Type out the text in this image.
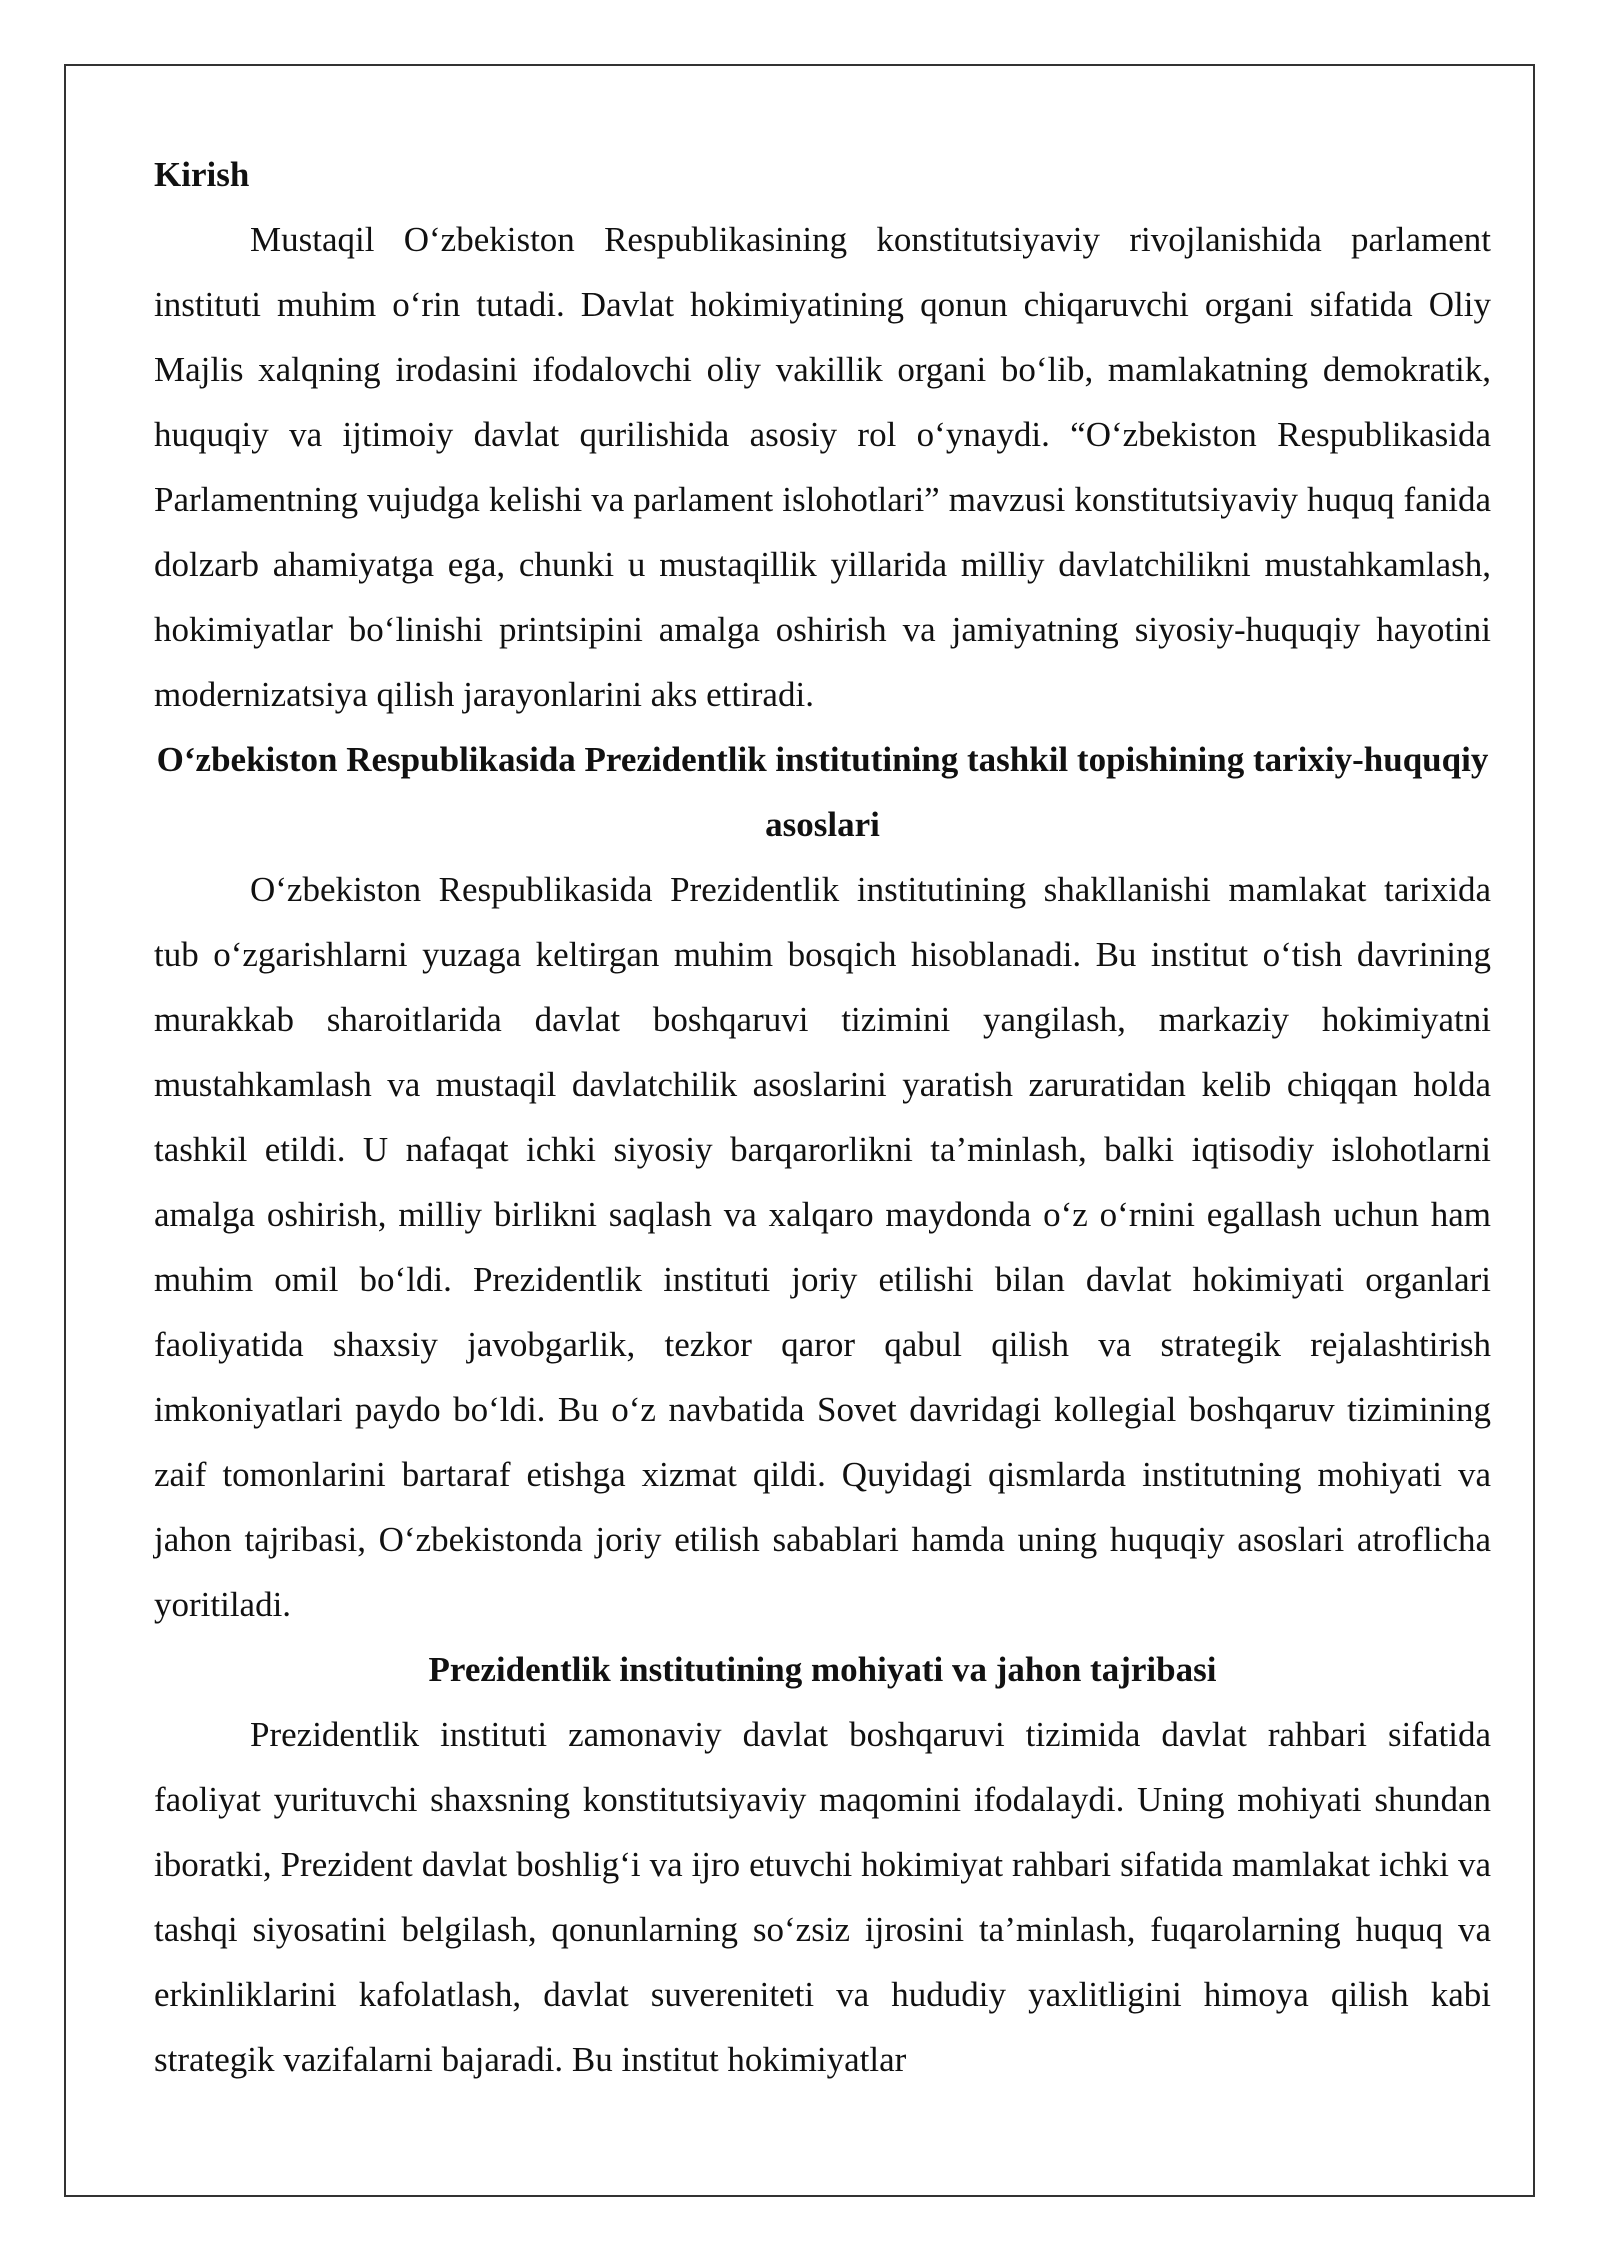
Kirish

Mustaqil O‘zbekiston Respublikasining konstitutsiyaviy rivojlanishida parlament instituti muhim o‘rin tutadi. Davlat hokimiyatining qonun chiqaruvchi organi sifatida Oliy Majlis xalqning irodasini ifodalovchi oliy vakillik organi bo‘lib, mamlakatning demokratik, huquqiy va ijtimoiy davlat qurilishida asosiy rol o‘ynaydi. “O‘zbekiston Respublikasida Parlamentning vujudga kelishi va parlament islohotlari” mavzusi konstitutsiyaviy huquq fanida dolzarb ahamiyatga ega, chunki u mustaqillik yillarida milliy davlatchilikni mustahkamlash, hokimiyatlar bo‘linishi printsipini amalga oshirish va jamiyatning siyosiy-huquqiy hayotini modernizatsiya qilish jarayonlarini aks ettiradi.

O‘zbekiston Respublikasida Prezidentlik institutining tashkil topishining tarixiy-huquqiy asoslari

O‘zbekiston Respublikasida Prezidentlik institutining shakllanishi mamlakat tarixida tub o‘zgarishlarni yuzaga keltirgan muhim bosqich hisoblanadi. Bu institut o‘tish davrining murakkab sharoitlarida davlat boshqaruvi tizimini yangilash, markaziy hokimiyatni mustahkamlash va mustaqil davlatchilik asoslarini yaratish zaruratidan kelib chiqqan holda tashkil etildi. U nafaqat ichki siyosiy barqarorlikni ta’minlash, balki iqtisodiy islohotlarni amalga oshirish, milliy birlikni saqlash va xalqaro maydonda o‘z o‘rnini egallash uchun ham muhim omil bo‘ldi. Prezidentlik instituti joriy etilishi bilan davlat hokimiyati organlari faoliyatida shaxsiy javobgarlik, tezkor qaror qabul qilish va strategik rejalashtirish imkoniyatlari paydo bo‘ldi. Bu o‘z navbatida Sovet davridagi kollegial boshqaruv tizimining zaif tomonlarini bartaraf etishga xizmat qildi. Quyidagi qismlarda institutning mohiyati va jahon tajribasi, O‘zbekistonda joriy etilish sabablari hamda uning huquqiy asoslari atroflicha yoritiladi.

Prezidentlik institutining mohiyati va jahon tajribasi

Prezidentlik instituti zamonaviy davlat boshqaruvi tizimida davlat rahbari sifatida faoliyat yurituvchi shaxsning konstitutsiyaviy maqomini ifodalaydi. Uning mohiyati shundan iboratki, Prezident davlat boshlig‘i va ijro etuvchi hokimiyat rahbari sifatida mamlakat ichki va tashqi siyosatini belgilash, qonunlarning so‘zsiz ijrosini ta’minlash, fuqarolarning huquq va erkinliklarini kafolatlash, davlat suvereniteti va hududiy yaxlitligini himoya qilish kabi strategik vazifalarni bajaradi. Bu institut hokimiyatlar
